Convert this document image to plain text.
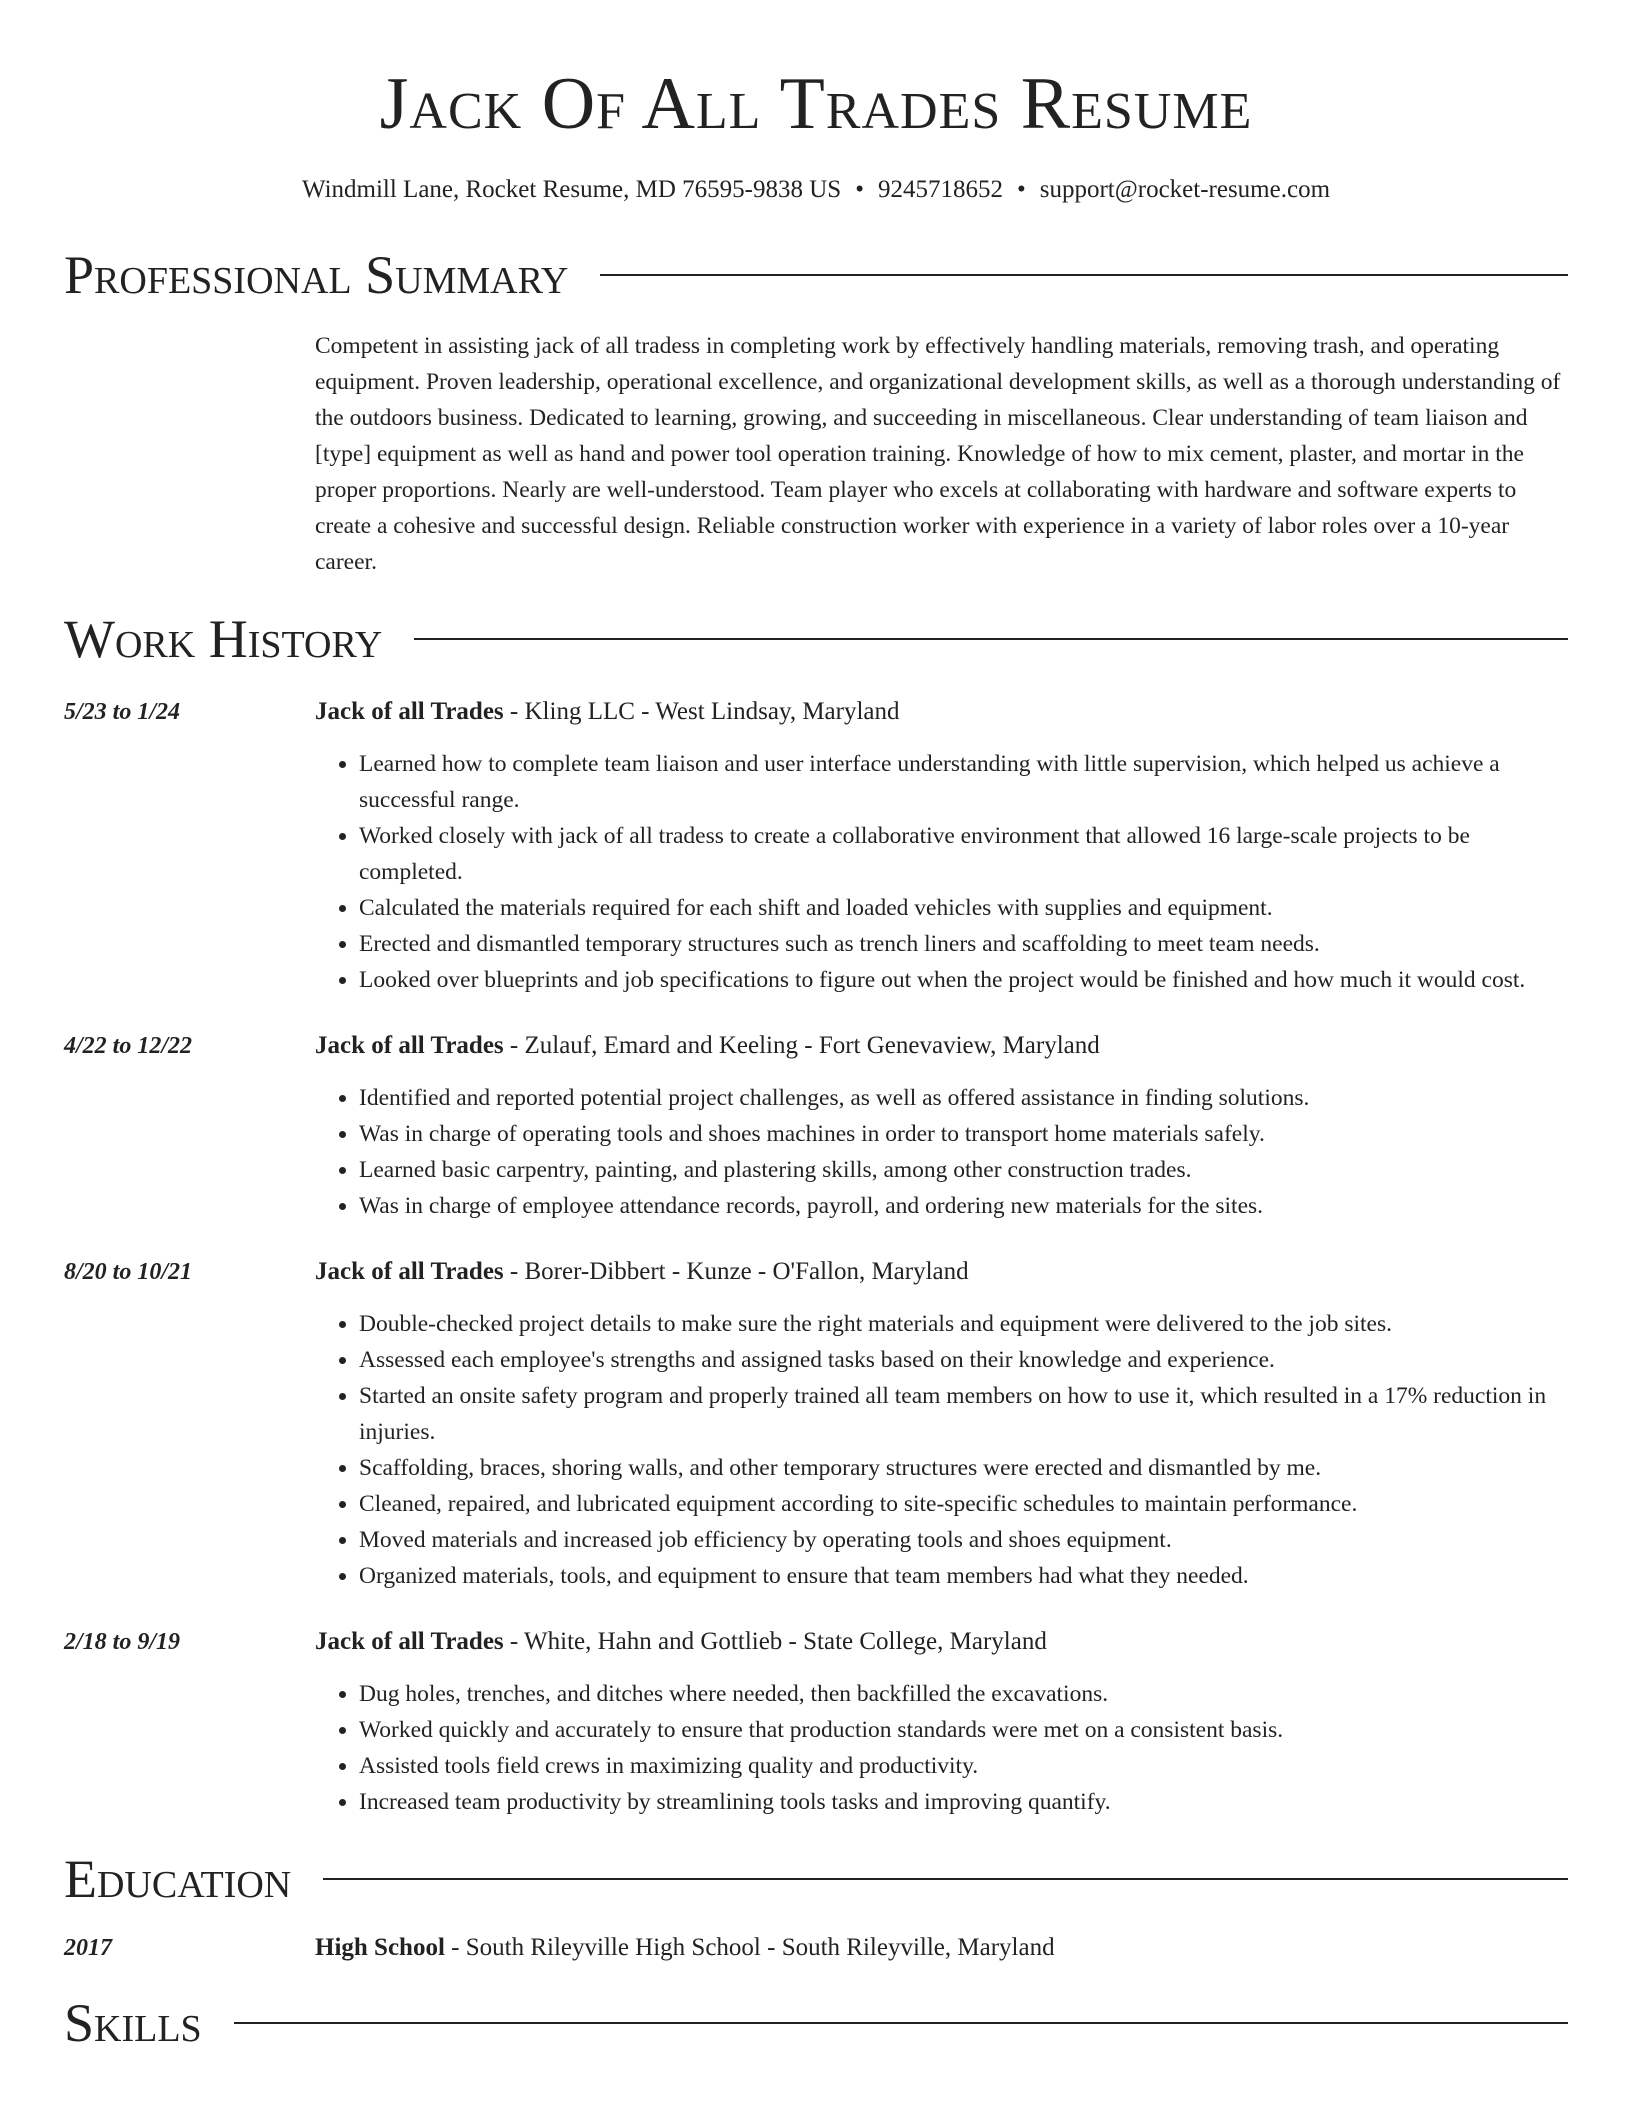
Jack Of All Trades Resume
Windmill Lane, Rocket Resume, MD 76595-9838 US • 9245718652 • support@rocket-resume.com
Professional Summary
Competent in assisting jack of all tradess in completing work by effectively handling materials, removing trash, and operating equipment. Proven leadership, operational excellence, and organizational development skills, as well as a thorough understanding of the outdoors business. Dedicated to learning, growing, and succeeding in miscellaneous. Clear understanding of team liaison and [type] equipment as well as hand and power tool operation training. Knowledge of how to mix cement, plaster, and mortar in the proper proportions. Nearly are well-understood. Team player who excels at collaborating with hardware and software experts to create a cohesive and successful design. Reliable construction worker with experience in a variety of labor roles over a 10-year career.
Work History
5/23 to 1/24	Jack of all Trades - Kling LLC - West Lindsay, Maryland
• Learned how to complete team liaison and user interface understanding with little supervision, which helped us achieve a successful range.
• Worked closely with jack of all tradess to create a collaborative environment that allowed 16 large-scale projects to be completed.
• Calculated the materials required for each shift and loaded vehicles with supplies and equipment.
• Erected and dismantled temporary structures such as trench liners and scaffolding to meet team needs.
• Looked over blueprints and job specifications to figure out when the project would be finished and how much it would cost.
4/22 to 12/22	Jack of all Trades - Zulauf, Emard and Keeling - Fort Genevaview, Maryland
• Identified and reported potential project challenges, as well as offered assistance in finding solutions.
• Was in charge of operating tools and shoes machines in order to transport home materials safely.
• Learned basic carpentry, painting, and plastering skills, among other construction trades.
• Was in charge of employee attendance records, payroll, and ordering new materials for the sites.
8/20 to 10/21	Jack of all Trades - Borer-Dibbert - Kunze - O'Fallon, Maryland
• Double-checked project details to make sure the right materials and equipment were delivered to the job sites.
• Assessed each employee's strengths and assigned tasks based on their knowledge and experience.
• Started an onsite safety program and properly trained all team members on how to use it, which resulted in a 17% reduction in injuries.
• Scaffolding, braces, shoring walls, and other temporary structures were erected and dismantled by me.
• Cleaned, repaired, and lubricated equipment according to site-specific schedules to maintain performance.
• Moved materials and increased job efficiency by operating tools and shoes equipment.
• Organized materials, tools, and equipment to ensure that team members had what they needed.
2/18 to 9/19	Jack of all Trades - White, Hahn and Gottlieb - State College, Maryland
• Dug holes, trenches, and ditches where needed, then backfilled the excavations.
• Worked quickly and accurately to ensure that production standards were met on a consistent basis.
• Assisted tools field crews in maximizing quality and productivity.
• Increased team productivity by streamlining tools tasks and improving quantify.
Education
2017	High School - South Rileyville High School - South Rileyville, Maryland
Skills
